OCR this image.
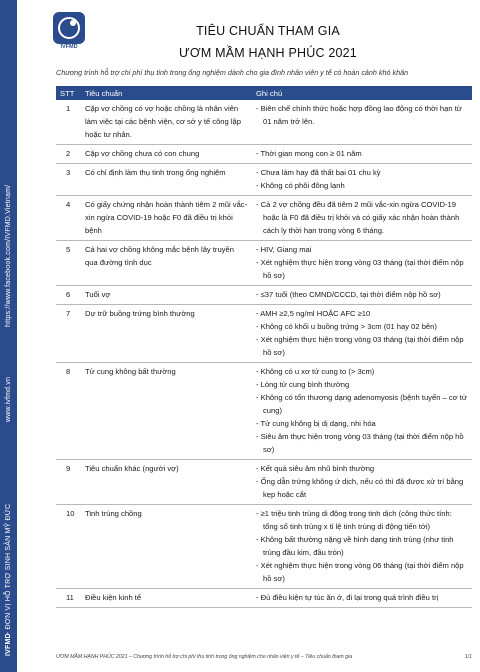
IVFMD
- ĐƠN VỊ HỖ TRỢ SINH SẢN MỸ ĐỨC
www.ivfmd.vn
https://www.facebook.com/IVFMD.Vietnam/
IVFMD
TIÊU CHUẨN THAM GIA
ƯƠM MẦM HẠNH PHÚC 2021
Chương trình hỗ trợ chi phí thụ tinh trong ống nghiệm dành cho gia đình nhân viên y tế có hoàn cảnh khó khăn
STT	Tiêu chuẩn	Ghi chú
1	Cặp vợ chồng có vợ hoặc chồng là nhân viên làm việc tại các bệnh viện, cơ sở y tế công lập hoặc tư nhân.	- Biên chế chính thức hoặc hợp đồng lao động có thời hạn từ 01 năm trở lên.

2	Cặp vợ chồng chưa có con chung	- Thời gian mong con ≥ 01 năm

3	Có chỉ định làm thụ tinh trong ống nghiệm	- Chưa làm hay đã thất bại 01 chu kỳ
- Không có phôi đông lạnh

4	Có giấy chứng nhận hoàn thành tiêm 2 mũi vắc-xin ngừa COVID-19 hoặc F0 đã điều trị khỏi bệnh	- Cả 2 vợ chồng đều đã tiêm 2 mũi vắc-xin ngừa COVID-19 hoặc là F0 đã điều trị khỏi và có giấy xác nhận hoàn thành cách ly thời hạn trong vòng 6 tháng.

5	Cả hai vợ chồng không mắc bệnh lây truyền qua đường tình dục	- HIV, Giang mai
- Xét nghiệm thực hiện trong vòng 03 tháng (tại thời điểm nộp hồ sơ)

6	Tuổi vợ	- ≤37 tuổi (theo CMND/CCCD, tại thời điểm nộp hồ sơ)

7	Dự trữ buồng trứng bình thường	- AMH ≥2,5 ng/ml HOẶC AFC ≥10
- Không có khối u buồng trứng > 3cm (01 hay 02 bên)
- Xét nghiệm thực hiện trong vòng 03 tháng (tại thời điểm nộp hồ sơ)

8	Tử cung không bất thường	- Không có u xơ tử cung to (> 3cm)
- Lòng tử cung bình thường
- Không có tổn thương dạng adenomyosis (bệnh tuyến – cơ tử cung)
- Tử cung không bị dị dạng, nhi hóa
- Siêu âm thực hiện trong vòng 03 tháng (tại thời điểm nộp hồ sơ)

9	Tiêu chuẩn khác (người vợ)	- Kết quả siêu âm nhũ bình thường
- Ống dẫn trứng không ứ dịch, nếu có thì đã được xử trí bằng kẹp hoặc cắt

10	Tinh trùng chồng	- ≥1 triệu tinh trùng di động trong tinh dịch (công thức tính: tổng số tinh trùng x tỉ lệ tinh trùng di động tiến tới)
- Không bất thường nặng về hình dạng tinh trùng (như tinh trùng đầu kim, đầu tròn)
- Xét nghiệm thực hiện trong vòng 06 tháng (tại thời điểm nộp hồ sơ)

11	Điều kiện kinh tế	- Đủ điều kiện tự túc ăn ở, đi lại trong quá trình điều trị
ƯƠM MẦM HẠNH PHÚC 2021 – Chương trình hỗ trợ chi phí thụ tinh trong ống nghiệm cho nhân viên y tế – Tiêu chuẩn tham gia	1/1
